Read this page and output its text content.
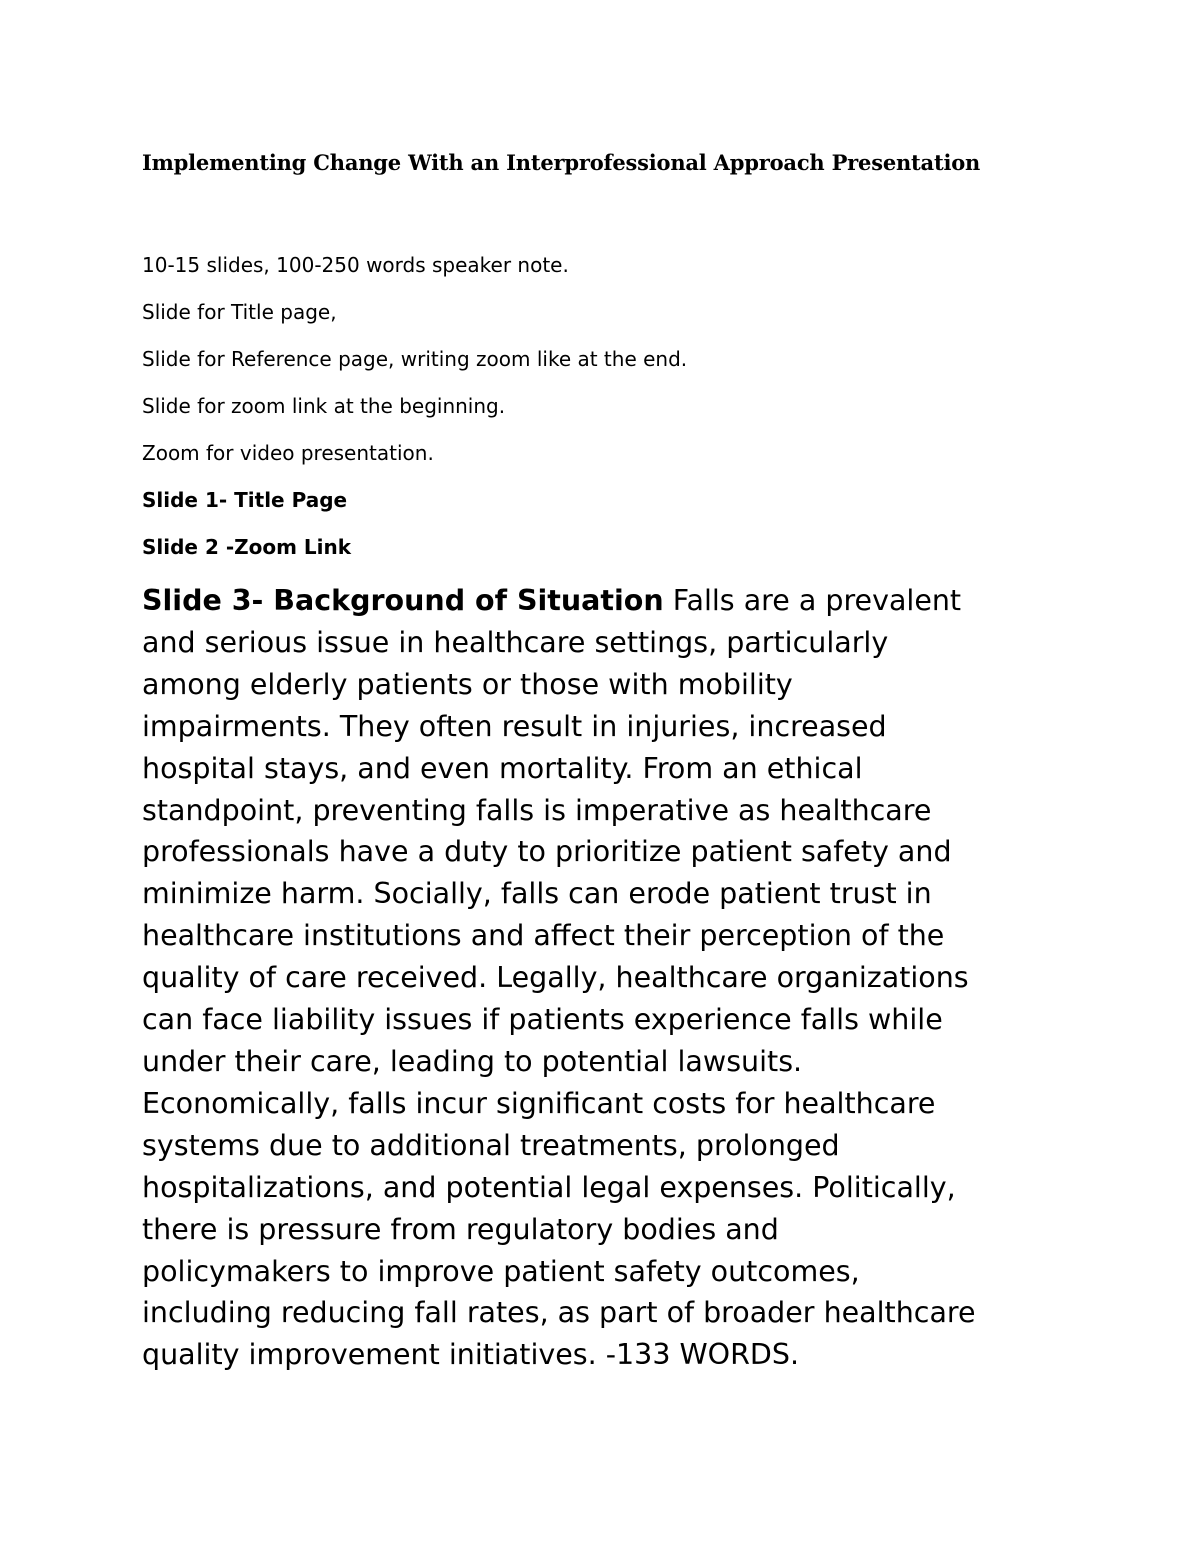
Implementing Change With an Interprofessional Approach Presentation
10-15 slides, 100-250 words speaker note.
Slide for Title page,
Slide for Reference page, writing zoom like at the end.
Slide for zoom link at the beginning.
Zoom for video presentation.
Slide 1- Title Page
Slide 2 -Zoom Link
Slide 3- Background of Situation Falls are a prevalent
and serious issue in healthcare settings, particularly
among elderly patients or those with mobility
impairments. They often result in injuries, increased
hospital stays, and even mortality. From an ethical
standpoint, preventing falls is imperative as healthcare
professionals have a duty to prioritize patient safety and
minimize harm. Socially, falls can erode patient trust in
healthcare institutions and affect their perception of the
quality of care received. Legally, healthcare organizations
can face liability issues if patients experience falls while
under their care, leading to potential lawsuits.
Economically, falls incur significant costs for healthcare
systems due to additional treatments, prolonged
hospitalizations, and potential legal expenses. Politically,
there is pressure from regulatory bodies and
policymakers to improve patient safety outcomes,
including reducing fall rates, as part of broader healthcare
quality improvement initiatives. -133 WORDS.
